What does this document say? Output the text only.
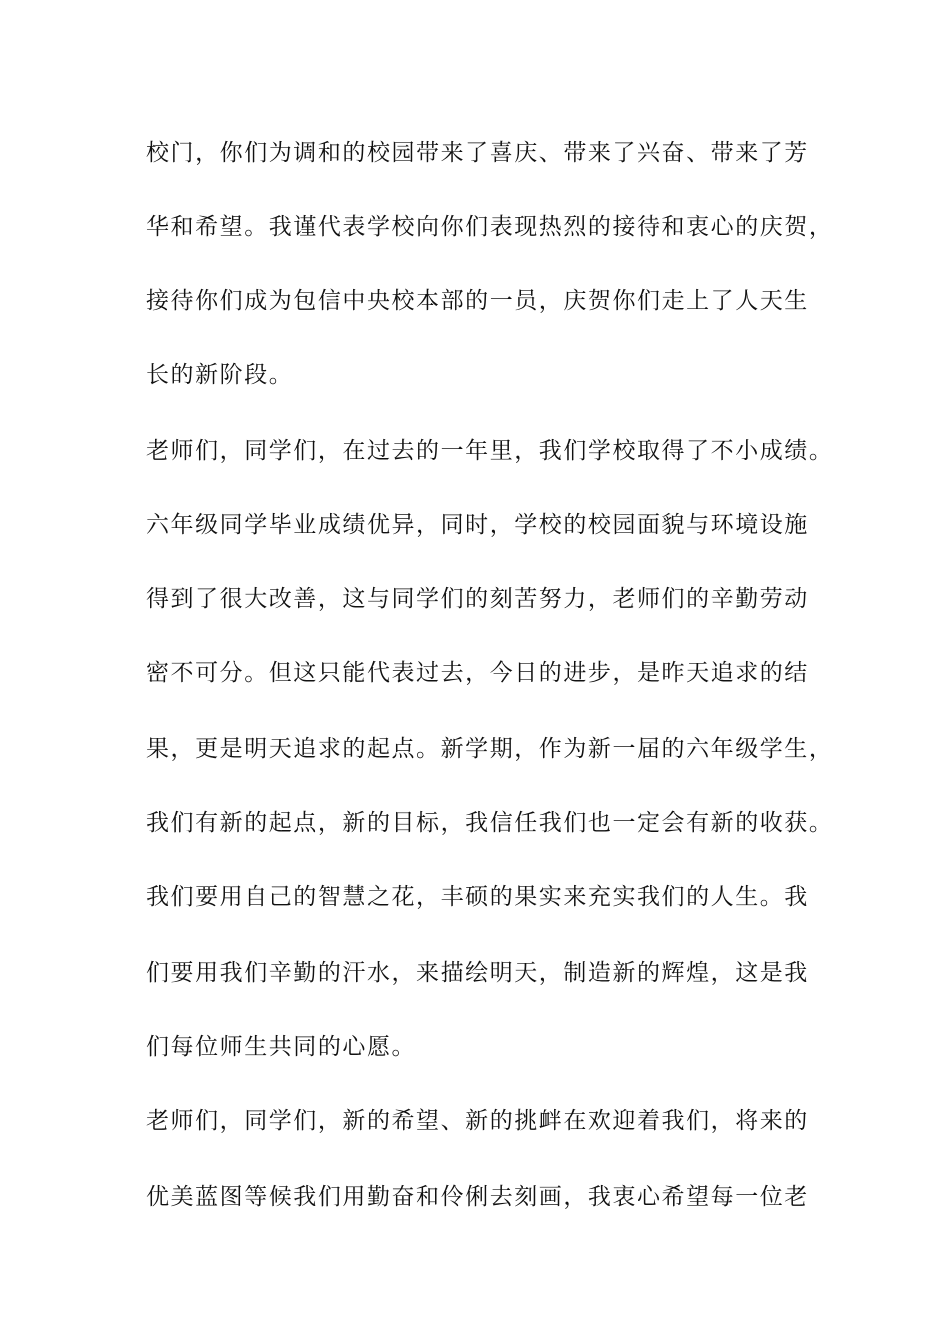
校门，你们为调和的校园带来了喜庆、带来了兴奋、带来了芳
华和希望。我谨代表学校向你们表现热烈的接待和衷心的庆贺，
接待你们成为包信中央校本部的一员，庆贺你们走上了人天生
长的新阶段。
老师们，同学们，在过去的一年里，我们学校取得了不小成绩。
六年级同学毕业成绩优异，同时，学校的校园面貌与环境设施
得到了很大改善，这与同学们的刻苦努力，老师们的辛勤劳动
密不可分。但这只能代表过去，今日的进步，是昨天追求的结
果，更是明天追求的起点。新学期，作为新一届的六年级学生，
我们有新的起点，新的目标，我信任我们也一定会有新的收获。
我们要用自己的智慧之花，丰硕的果实来充实我们的人生。我
们要用我们辛勤的汗水，来描绘明天，制造新的辉煌，这是我
们每位师生共同的心愿。
老师们，同学们，新的希望、新的挑衅在欢迎着我们，将来的
优美蓝图等候我们用勤奋和伶俐去刻画，我衷心希望每一位老
